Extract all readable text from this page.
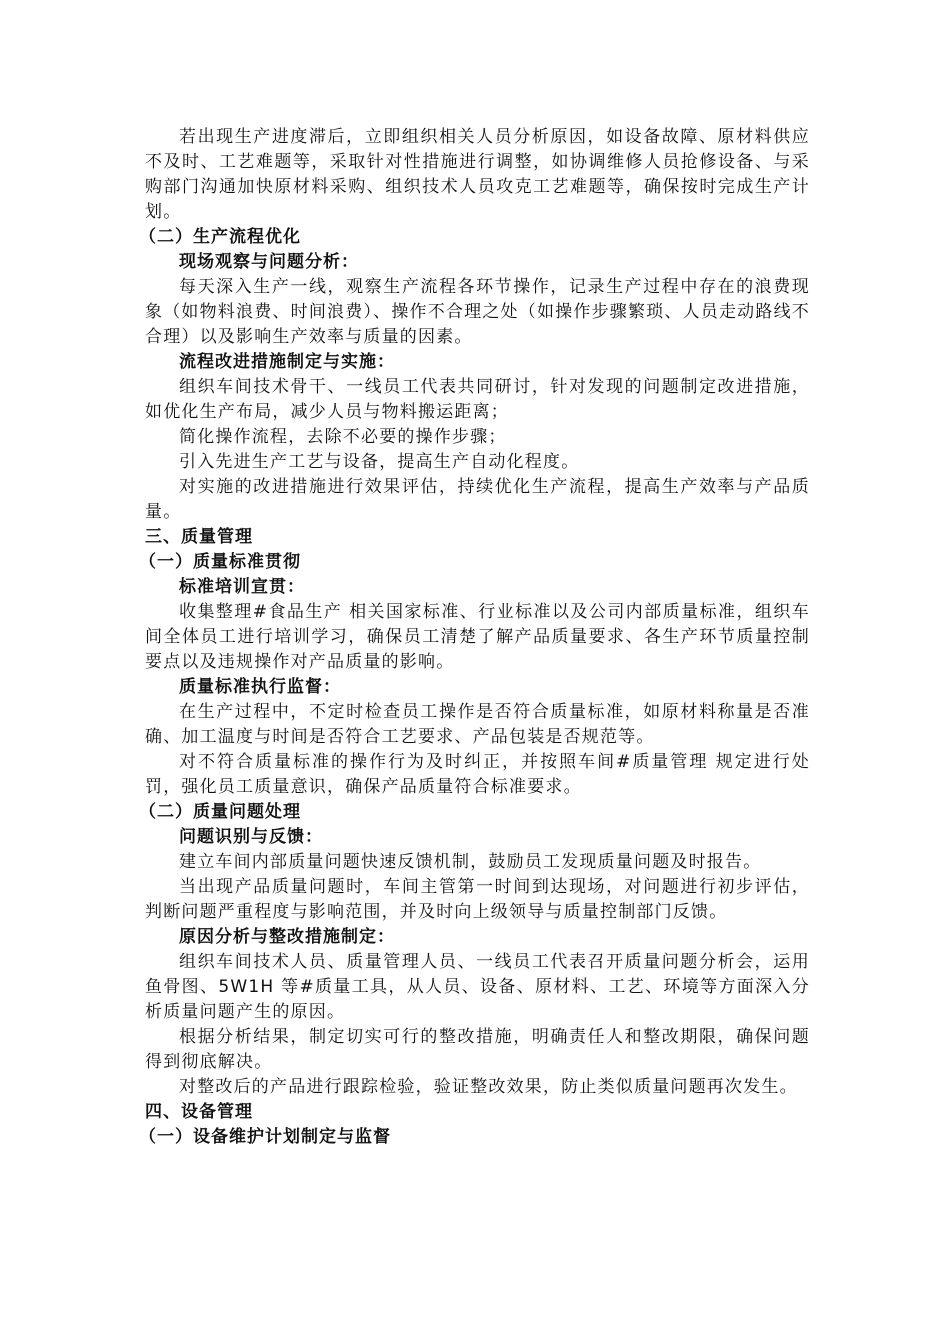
若出现生产进度滞后，立即组织相关人员分析原因，如设备故障、原材料供应不及时、工艺难题等，采取针对性措施进行调整，如协调维修人员抢修设备、与采购部门沟通加快原材料采购、组织技术人员攻克工艺难题等，确保按时完成生产计划。

（二）生产流程优化

现场观察与问题分析：

每天深入生产一线，观察生产流程各环节操作，记录生产过程中存在的浪费现象（如物料浪费、时间浪费）、操作不合理之处（如操作步骤繁琐、人员走动路线不合理）以及影响生产效率与质量的因素。

流程改进措施制定与实施：

组织车间技术骨干、一线员工代表共同研讨，针对发现的问题制定改进措施，如优化生产布局，减少人员与物料搬运距离；

简化操作流程，去除不必要的操作步骤；

引入先进生产工艺与设备，提高生产自动化程度。

对实施的改进措施进行效果评估，持续优化生产流程，提高生产效率与产品质量。

三、质量管理

（一）质量标准贯彻

标准培训宣贯：

收集整理#食品生产 相关国家标准、行业标准以及公司内部质量标准，组织车间全体员工进行培训学习，确保员工清楚了解产品质量要求、各生产环节质量控制要点以及违规操作对产品质量的影响。

质量标准执行监督：

在生产过程中，不定时检查员工操作是否符合质量标准，如原材料称量是否准确、加工温度与时间是否符合工艺要求、产品包装是否规范等。

对不符合质量标准的操作行为及时纠正，并按照车间#质量管理 规定进行处罚，强化员工质量意识，确保产品质量符合标准要求。

（二）质量问题处理

问题识别与反馈：

建立车间内部质量问题快速反馈机制，鼓励员工发现质量问题及时报告。

当出现产品质量问题时，车间主管第一时间到达现场，对问题进行初步评估，判断问题严重程度与影响范围，并及时向上级领导与质量控制部门反馈。

原因分析与整改措施制定：

组织车间技术人员、质量管理人员、一线员工代表召开质量问题分析会，运用鱼骨图、5W1H 等#质量工具，从人员、设备、原材料、工艺、环境等方面深入分析质量问题产生的原因。

根据分析结果，制定切实可行的整改措施，明确责任人和整改期限，确保问题得到彻底解决。

对整改后的产品进行跟踪检验，验证整改效果，防止类似质量问题再次发生。

四、设备管理

（一）设备维护计划制定与监督
